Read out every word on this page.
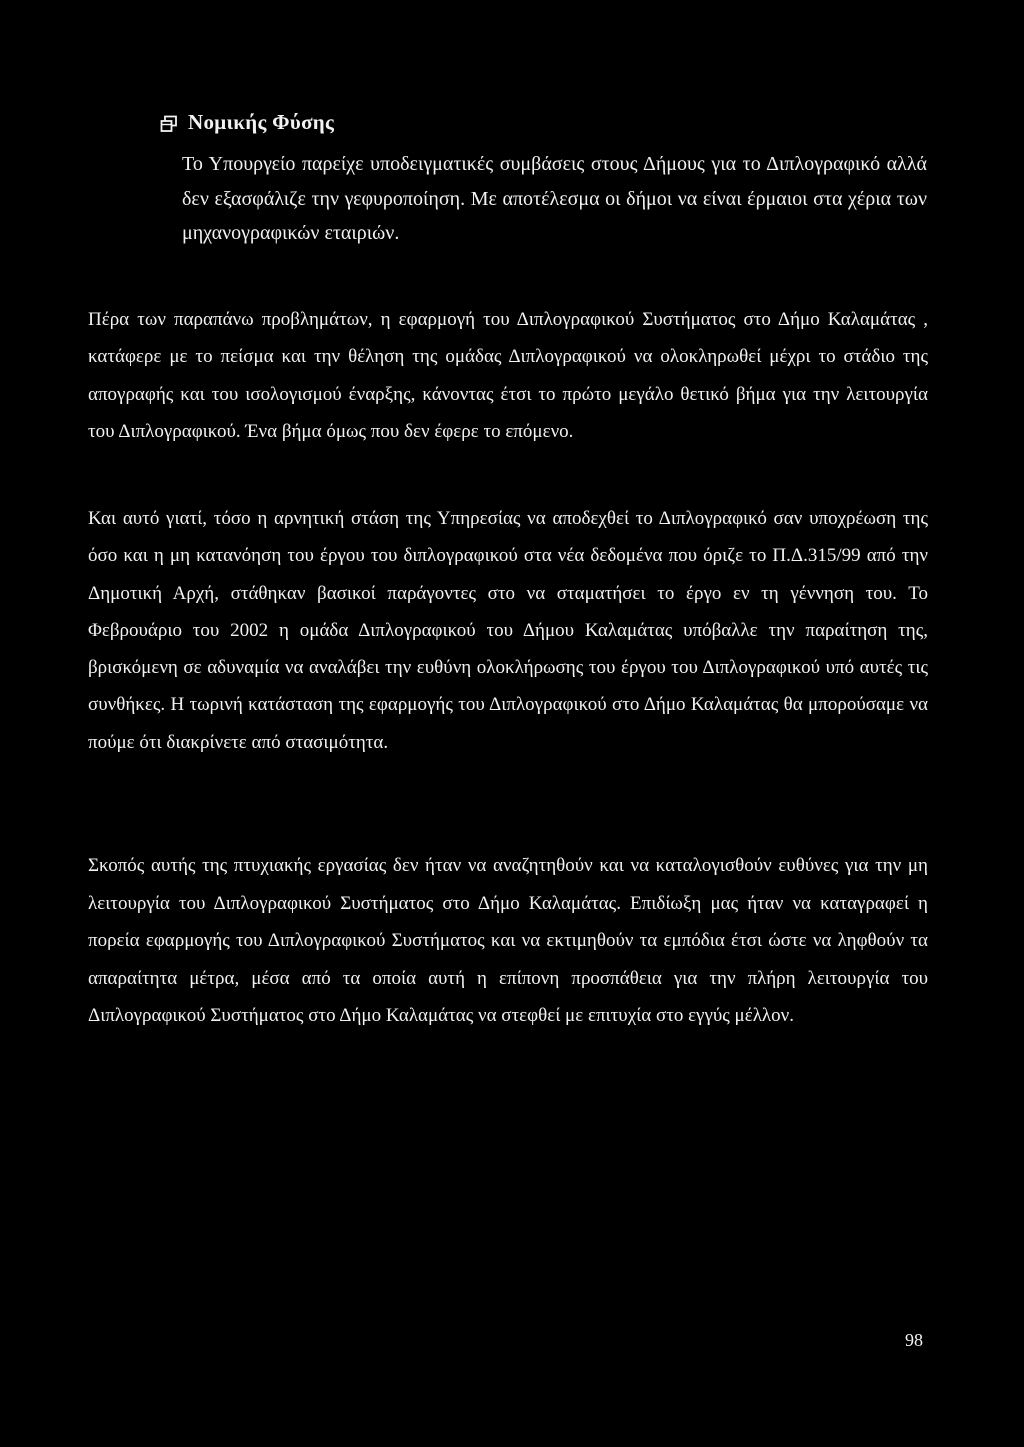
Νομικής Φύσης

Το Υπουργείο παρείχε υποδειγματικές συμβάσεις στους Δήμους για το Διπλογραφικό αλλά δεν εξασφάλιζε την γεφυροποίηση. Με αποτέλεσμα οι δήμοι να είναι έρμαιοι στα χέρια των μηχανογραφικών εταιριών.

Πέρα των παραπάνω προβλημάτων, η εφαρμογή του Διπλογραφικού Συστήματος στο Δήμο Καλαμάτας , κατάφερε με το πείσμα και την θέληση της ομάδας Διπλογραφικού να ολοκληρωθεί μέχρι το στάδιο της απογραφής και του ισολογισμού έναρξης, κάνοντας έτσι το πρώτο μεγάλο θετικό βήμα για την λειτουργία του Διπλογραφικού. Ένα βήμα όμως που δεν έφερε το επόμενο.

Και αυτό γιατί, τόσο η αρνητική στάση της Υπηρεσίας να αποδεχθεί το Διπλογραφικό σαν υποχρέωση της όσο και η μη κατανόηση του έργου του διπλογραφικού στα νέα δεδομένα που όριζε το Π.Δ.315/99 από την Δημοτική Αρχή, στάθηκαν βασικοί παράγοντες στο να σταματήσει το έργο εν τη γέννηση του. Το Φεβρουάριο του 2002 η ομάδα Διπλογραφικού του Δήμου Καλαμάτας υπόβαλλε την παραίτηση της, βρισκόμενη σε αδυναμία να αναλάβει την ευθύνη ολοκλήρωσης του έργου του Διπλογραφικού υπό αυτές τις συνθήκες. Η τωρινή κατάσταση της εφαρμογής του Διπλογραφικού στο Δήμο Καλαμάτας θα μπορούσαμε να πούμε ότι διακρίνετε από στασιμότητα.

Σκοπός αυτής της πτυχιακής εργασίας δεν ήταν να αναζητηθούν και να καταλογισθούν ευθύνες για την μη λειτουργία του Διπλογραφικού Συστήματος στο Δήμο Καλαμάτας. Επιδίωξη μας ήταν να καταγραφεί η πορεία εφαρμογής του Διπλογραφικού Συστήματος και να εκτιμηθούν τα εμπόδια έτσι ώστε να ληφθούν τα απαραίτητα μέτρα, μέσα από τα οποία αυτή η επίπονη προσπάθεια για την πλήρη λειτουργία του Διπλογραφικού Συστήματος στο Δήμο Καλαμάτας να στεφθεί με επιτυχία στο εγγύς μέλλον.

98
